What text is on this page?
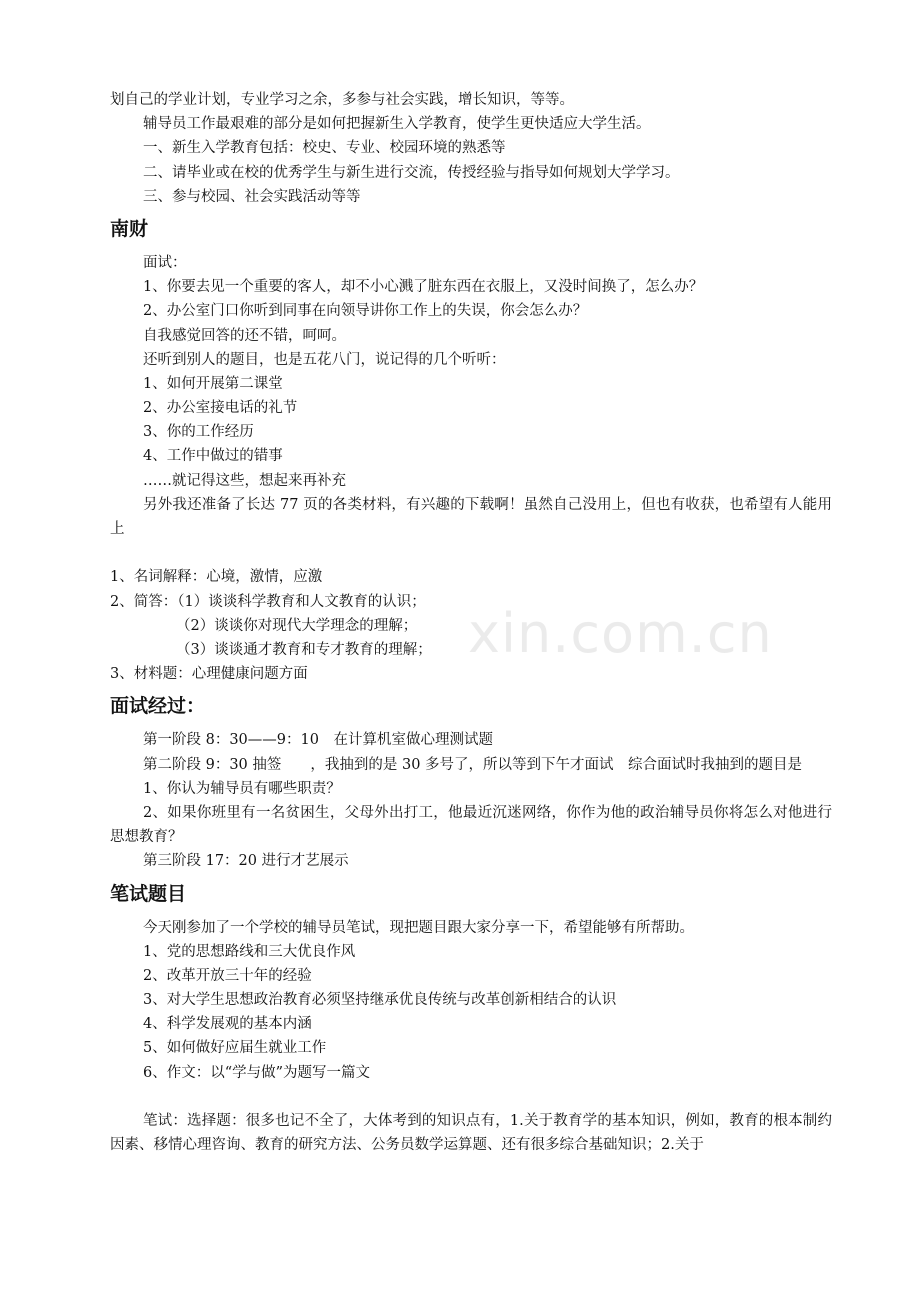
划自己的学业计划，专业学习之余，多参与社会实践，增长知识，等等。
辅导员工作最艰难的部分是如何把握新生入学教育，使学生更快适应大学生活。
一、新生入学教育包括：校史、专业、校园环境的熟悉等
二、请毕业或在校的优秀学生与新生进行交流，传授经验与指导如何规划大学学习。
三、参与校园、社会实践活动等等
南财
面试：
1、你要去见一个重要的客人，却不小心溅了脏东西在衣服上，又没时间换了，怎么办？
2、办公室门口你听到同事在向领导讲你工作上的失误，你会怎么办？
自我感觉回答的还不错，呵呵。
还听到别人的题目，也是五花八门，说记得的几个听听：
1、如何开展第二课堂
2、办公室接电话的礼节
3、你的工作经历
4、工作中做过的错事
……就记得这些，想起来再补充

另外我还准备了长达 77 页的各类材料，有兴趣的下载啊！虽然自己没用上，但也有收获，也希望有人能用上

1、名词解释：心境，激情，应激
2、简答：（1）谈谈科学教育和人文教育的认识；
（2）谈谈你对现代大学理念的理解；
（3）谈谈通才教育和专才教育的理解；
3、材料题：心理健康问题方面
面试经过：
第一阶段 8：30——9：10　在计算机室做心理测试题

第二阶段 9：30 抽签　　，我抽到的是 30 多号了，所以等到下午才面试　综合面试时我抽到的题目是

1、你认为辅导员有哪些职责？

2、如果你班里有一名贫困生，父母外出打工，他最近沉迷网络，你作为他的政治辅导员你将怎么对他进行思想教育？

第三阶段 17：20 进行才艺展示
笔试题目
今天刚参加了一个学校的辅导员笔试，现把题目跟大家分享一下，希望能够有所帮助。
1、党的思想路线和三大优良作风
2、改革开放三十年的经验
3、对大学生思想政治教育必须坚持继承优良传统与改革创新相结合的认识
4、科学发展观的基本内涵
5、如何做好应届生就业工作
6、作文：以“学与做”为题写一篇文

笔试：选择题：很多也记不全了，大体考到的知识点有，1.关于教育学的基本知识，例如，教育的根本制约因素、移情心理咨询、教育的研究方法、公务员数学运算题、还有很多综合基础知识；2.关于

xin.com.cn
